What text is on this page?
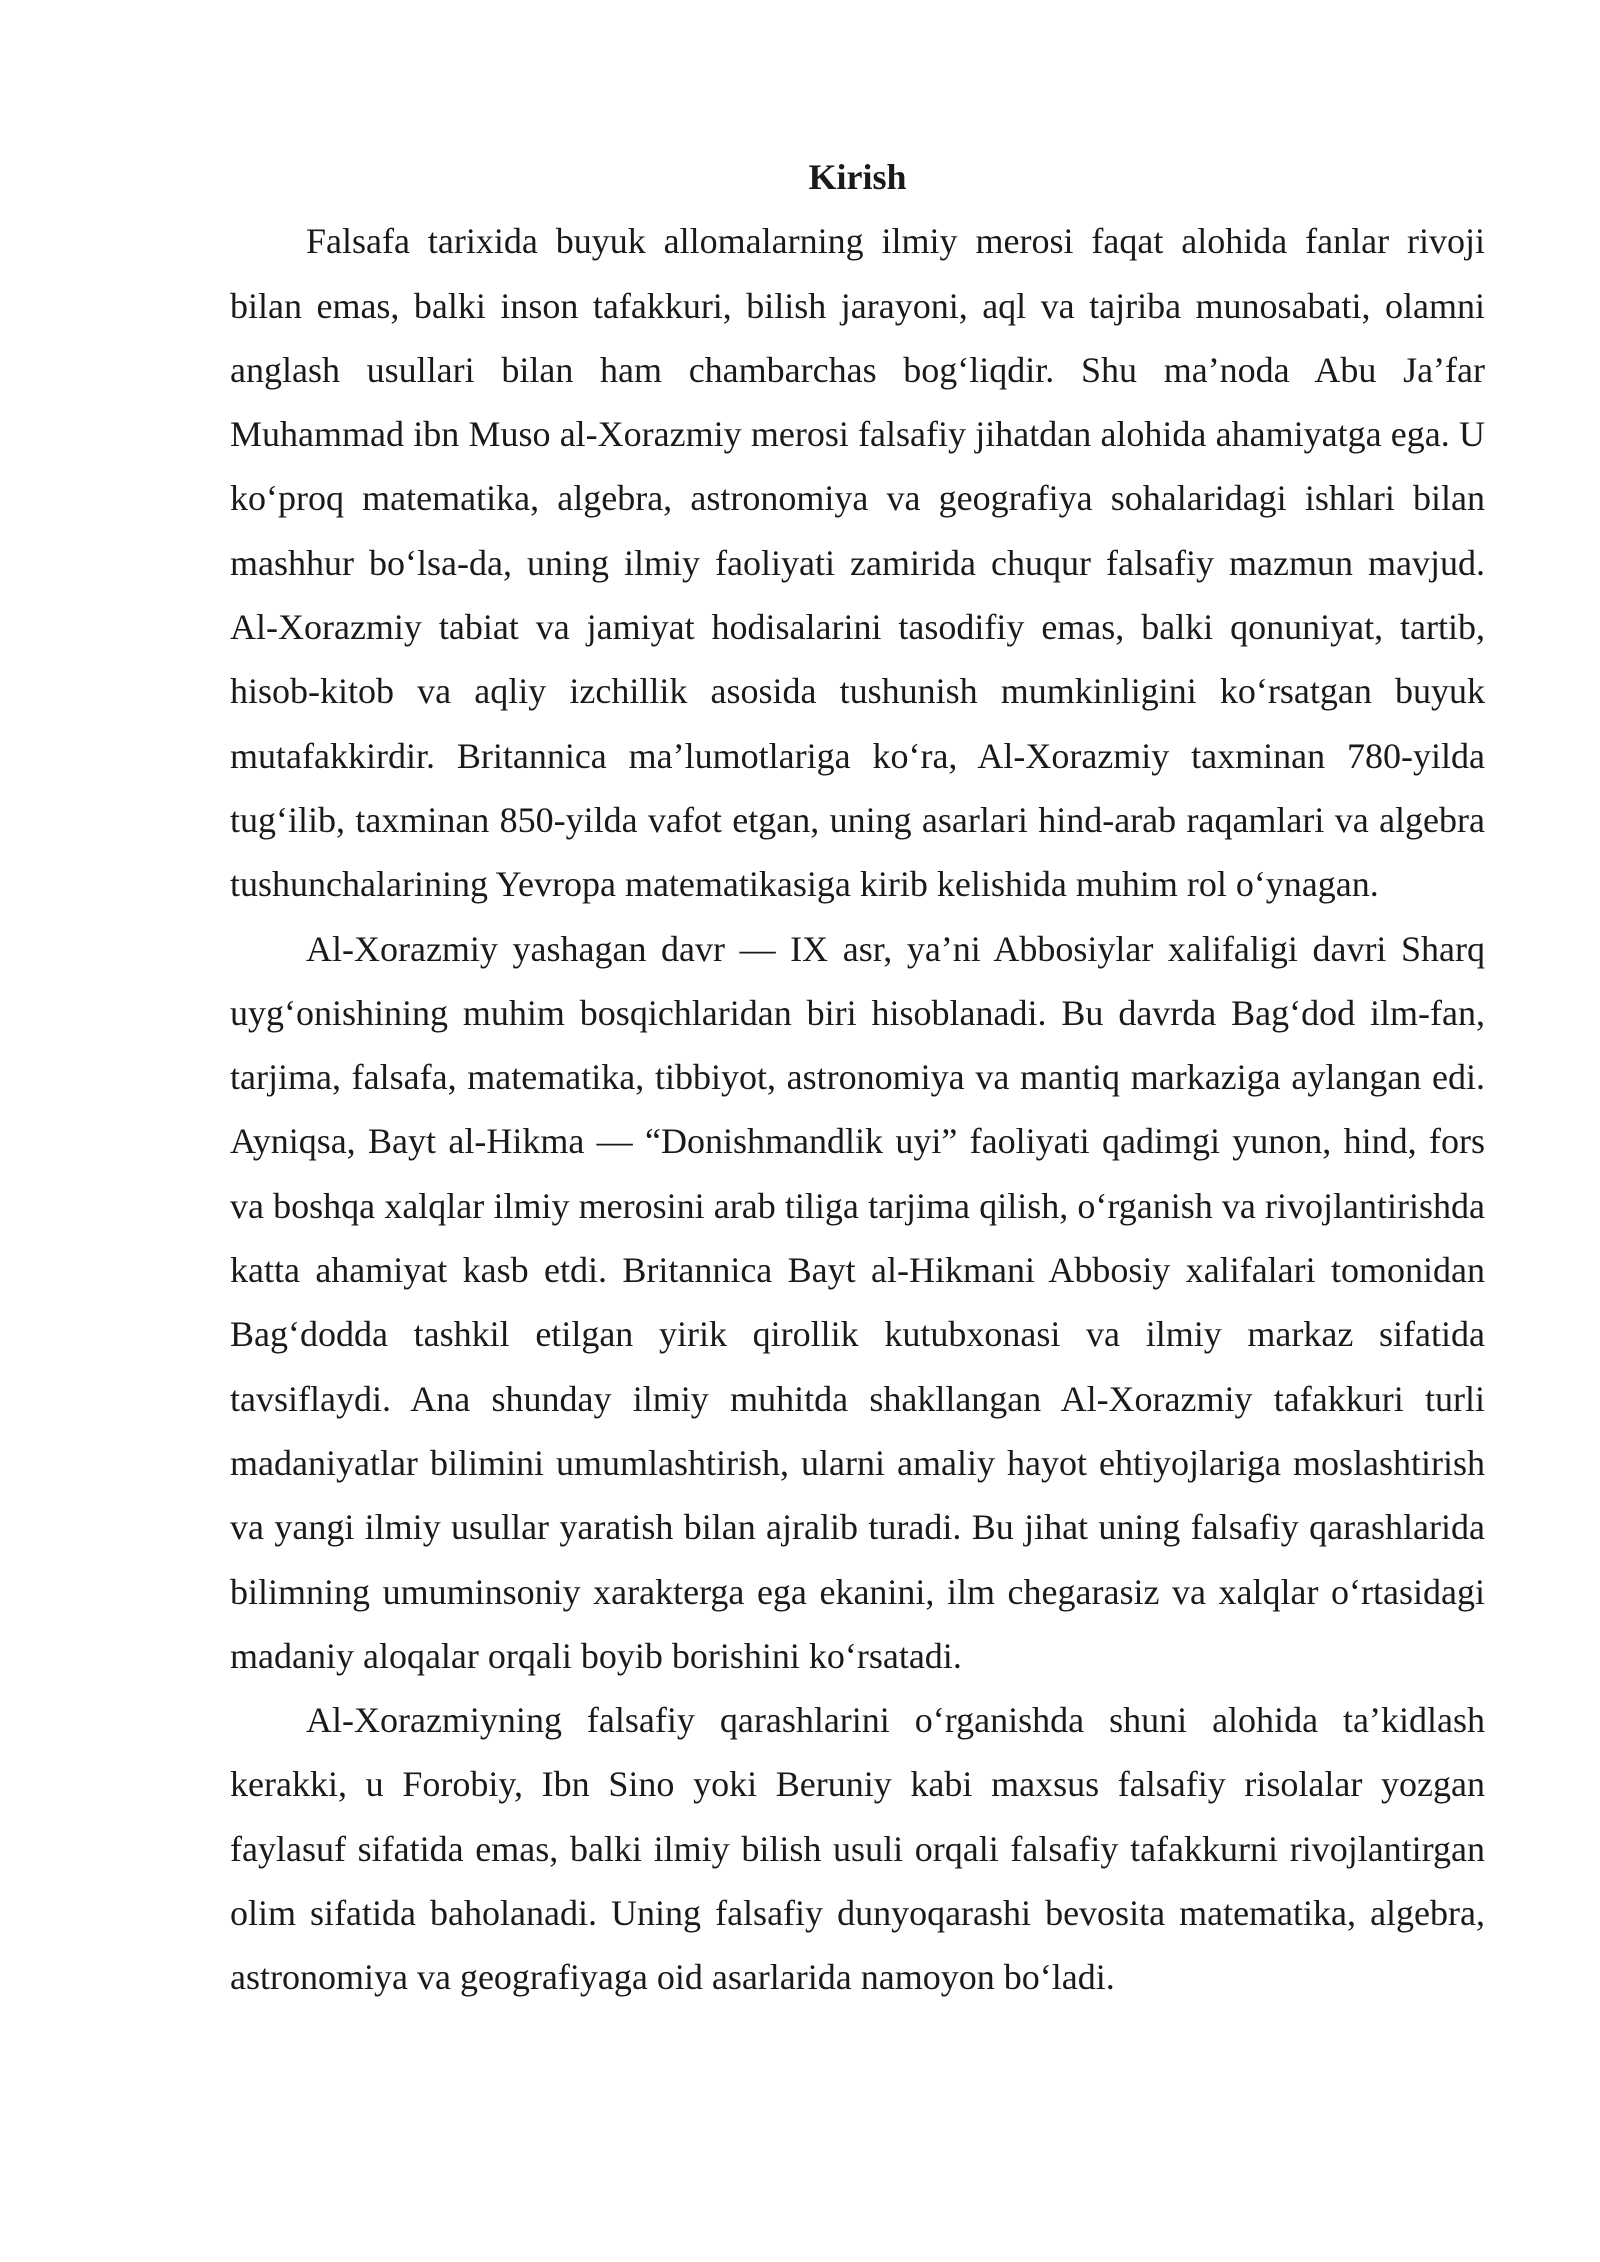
Kirish

Falsafa tarixida buyuk allomalarning ilmiy merosi faqat alohida fanlar rivoji bilan emas, balki inson tafakkuri, bilish jarayoni, aql va tajriba munosabati, olamni anglash usullari bilan ham chambarchas bog‘liqdir. Shu ma’noda Abu Ja’far Muhammad ibn Muso al-Xorazmiy merosi falsafiy jihatdan alohida ahamiyatga ega. U ko‘proq matematika, algebra, astronomiya va geografiya sohalaridagi ishlari bilan mashhur bo‘lsa-da, uning ilmiy faoliyati zamirida chuqur falsafiy mazmun mavjud. Al-Xorazmiy tabiat va jamiyat hodisalarini tasodifiy emas, balki qonuniyat, tartib, hisob-kitob va aqliy izchillik asosida tushunish mumkinligini ko‘rsatgan buyuk mutafakkirdir. Britannica ma’lumotlariga ko‘ra, Al-Xorazmiy taxminan 780-yilda tug‘ilib, taxminan 850-yilda vafot etgan, uning asarlari hind-arab raqamlari va algebra tushunchalarining Yevropa matematikasiga kirib kelishida muhim rol o‘ynagan.

Al-Xorazmiy yashagan davr — IX asr, ya’ni Abbosiylar xalifaligi davri Sharq uyg‘onishining muhim bosqichlaridan biri hisoblanadi. Bu davrda Bag‘dod ilm-fan, tarjima, falsafa, matematika, tibbiyot, astronomiya va mantiq markaziga aylangan edi. Ayniqsa, Bayt al-Hikma — “Donishmandlik uyi” faoliyati qadimgi yunon, hind, fors va boshqa xalqlar ilmiy merosini arab tiliga tarjima qilish, o‘rganish va rivojlantirishda katta ahamiyat kasb etdi. Britannica Bayt al-Hikmani Abbosiy xalifalari tomonidan Bag‘dodda tashkil etilgan yirik qirollik kutubxonasi va ilmiy markaz sifatida tavsiflaydi. Ana shunday ilmiy muhitda shakllangan Al-Xorazmiy tafakkuri turli madaniyatlar bilimini umumlashtirish, ularni amaliy hayot ehtiyojlariga moslashtirish va yangi ilmiy usullar yaratish bilan ajralib turadi. Bu jihat uning falsafiy qarashlarida bilimning umuminsoniy xarakterga ega ekanini, ilm chegarasiz va xalqlar o‘rtasidagi madaniy aloqalar orqali boyib borishini ko‘rsatadi.

Al-Xorazmiyning falsafiy qarashlarini o‘rganishda shuni alohida ta’kidlash kerakki, u Forobiy, Ibn Sino yoki Beruniy kabi maxsus falsafiy risolalar yozgan faylasuf sifatida emas, balki ilmiy bilish usuli orqali falsafiy tafakkurni rivojlantirgan olim sifatida baholanadi. Uning falsafiy dunyoqarashi bevosita matematika, algebra, astronomiya va geografiyaga oid asarlarida namoyon bo‘ladi.
